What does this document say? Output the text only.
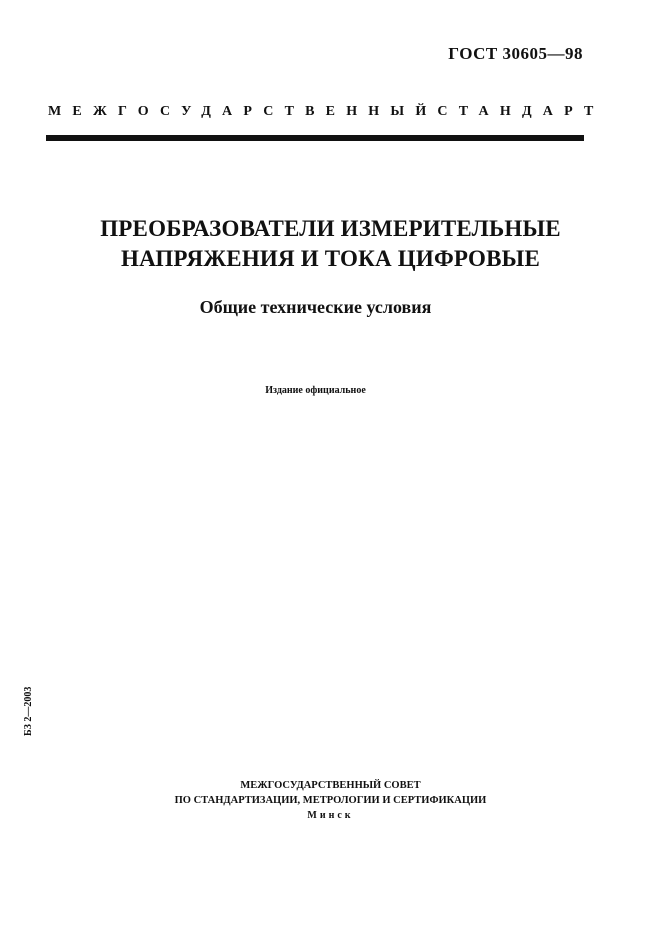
ГОСТ 30605—98
МЕЖГОСУДАРСТВЕННЫЙ СТАНДАРТ
ПРЕОБРАЗОВАТЕЛИ ИЗМЕРИТЕЛЬНЫЕ
НАПРЯЖЕНИЯ И ТОКА ЦИФРОВЫЕ
Общие технические условия
Издание официальное
БЗ 2—2003
МЕЖГОСУДАРСТВЕННЫЙ СОВЕТ
ПО СТАНДАРТИЗАЦИИ, МЕТРОЛОГИИ И СЕРТИФИКАЦИИ
Минск
